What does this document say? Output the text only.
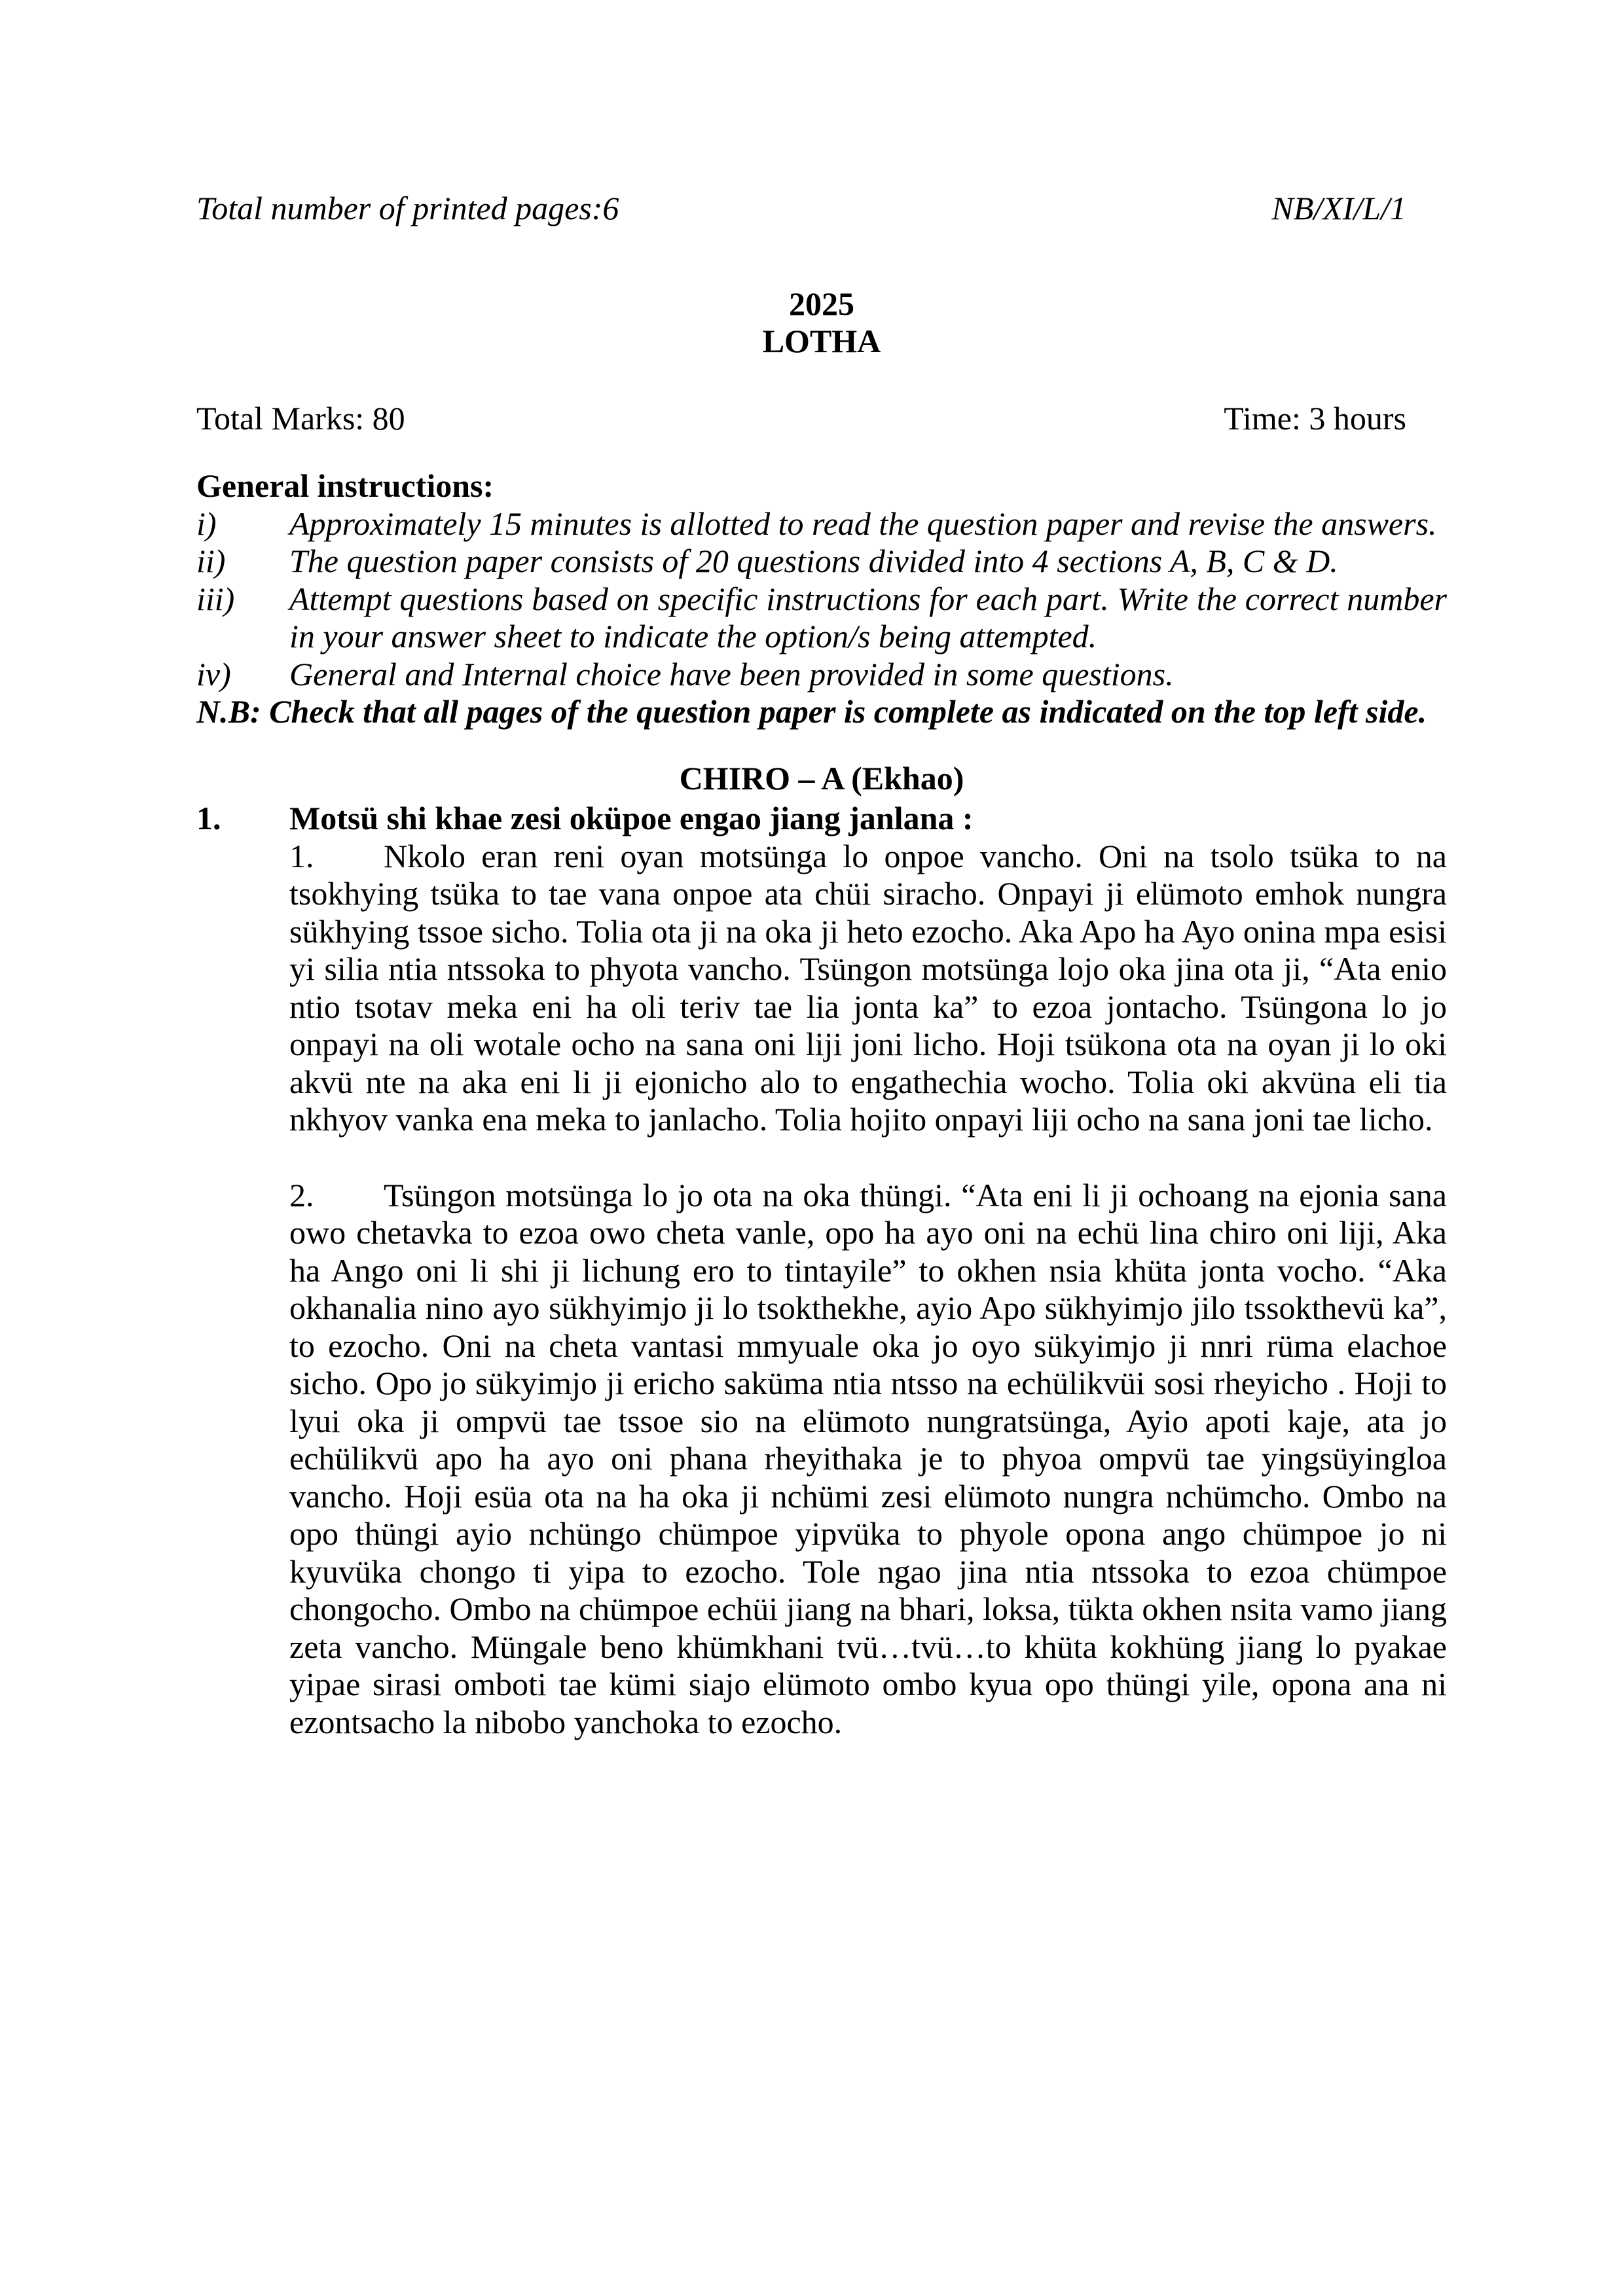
Total number of printed pages:6	NB/XI/L/1
2025
LOTHA
Total Marks: 80	Time: 3 hours
General instructions:
i)	Approximately 15 minutes is allotted to read the question paper and revise the answers.
ii)	The question paper consists of 20 questions divided into 4 sections A, B, C & D.
iii)	Attempt questions based on specific instructions for each part. Write the correct number in your answer sheet to indicate the option/s being attempted.
iv)	General and Internal choice have been provided in some questions.
N.B: Check that all pages of the question paper is complete as indicated on the top left side.
CHIRO – A (Ekhao)
1.	Motsü shi khae zesi oküpoe engao jiang janlana :

1. Nkolo eran reni oyan motsünga lo onpoe vancho. Oni na tsolo tsüka to na tsokhying tsüka to tae vana onpoe ata chüi siracho. Onpayi ji elümoto emhok nungra sükhying tssoe sicho. Tolia ota ji na oka ji heto ezocho. Aka Apo ha Ayo onina mpa esisi yi silia ntia ntssoka to phyota vancho. Tsüngon motsünga lojo oka jina ota ji, “Ata enio ntio tsotav meka eni ha oli teriv tae lia jonta ka” to ezoa jontacho. Tsüngona lo jo onpayi na oli wotale ocho na sana oni liji joni licho. Hoji tsükona ota na oyan ji lo oki akvü nte na aka eni li ji ejonicho alo to engathechia wocho. Tolia oki akvüna eli tia nkhyov vanka ena meka to janlacho. Tolia hojito onpayi liji ocho na sana joni tae licho.

2. Tsüngon motsünga lo jo ota na oka thüngi. “Ata eni li ji ochoang na ejonia sana owo chetavka to ezoa owo cheta vanle, opo ha ayo oni na echü lina chiro oni liji, Aka ha Ango oni li shi ji lichung ero to tintayile” to okhen nsia khüta jonta vocho. “Aka okhanalia nino ayo sükhyimjo ji lo tsokthekhe, ayio Apo sükhyimjo jilo tssokthevü ka”, to ezocho. Oni na cheta vantasi mmyuale oka jo oyo sükyimjo ji nnri rüma elachoe sicho. Opo jo sükyimjo ji ericho saküma ntia ntsso na echülikvüi sosi rheyicho . Hoji to lyui oka ji ompvü tae tssoe sio na elümoto nungratsünga, Ayio apoti kaje, ata jo echülikvü apo ha ayo oni phana rheyithaka je to phyoa ompvü tae yingsüyingloa vancho. Hoji esüa ota na ha oka ji nchümi zesi elümoto nungra nchümcho. Ombo na opo thüngi ayio nchüngo chümpoe yipvüka to phyole opona ango chümpoe jo ni kyuvüka chongo ti yipa to ezocho. Tole ngao jina ntia ntssoka to ezoa chümpoe chongocho. Ombo na chümpoe echüi jiang na bhari, loksa, tükta okhen nsita vamo jiang zeta vancho. Müngale beno khümkhani tvü…tvü…to khüta kokhüng jiang lo pyakae yipae sirasi omboti tae kümi siajo elümoto ombo kyua opo thüngi yile, opona ana ni ezontsacho la nibobo yanchoka to ezocho.
